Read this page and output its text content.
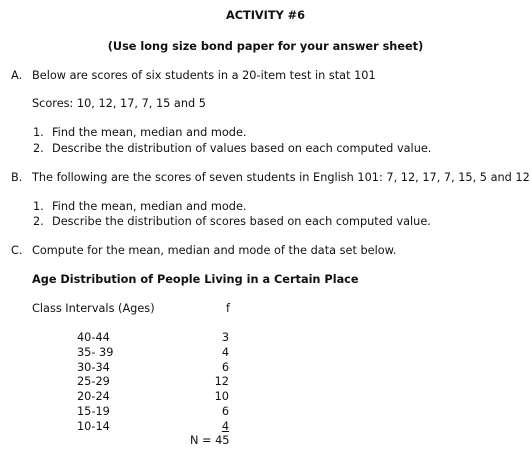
ACTIVITY #6
(Use long size bond paper for your answer sheet)
A. Below are scores of six students in a 20-item test in stat 101
Scores: 10, 12, 17, 7, 15 and 5
1. Find the mean, median and mode.
2. Describe the distribution of values based on each computed value.
B. The following are the scores of seven students in English 101: 7, 12, 17, 7, 15, 5 and 12
1. Find the mean, median and mode.
2. Describe the distribution of scores based on each computed value.
C. Compute for the mean, median and mode of the data set below.
Age Distribution of People Living in a Certain Place
Class Intervals (Ages)	f
40-44	3
35- 39	4
30-34	6
25-29	12
20-24	10
15-19	6
10-14	4
N = 45
